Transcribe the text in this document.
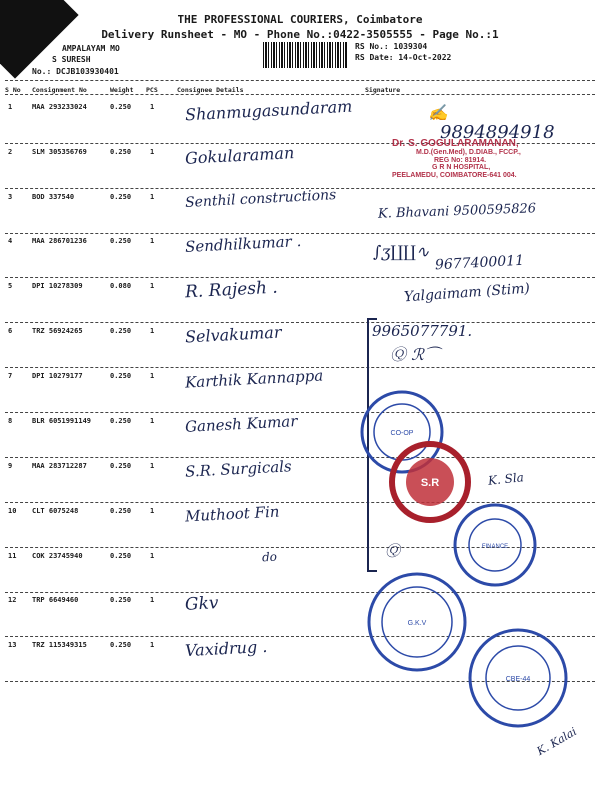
THE PROFESSIONAL COURIERS, Coimbatore
Delivery Runsheet - MO - Phone No.:0422-3505555 - Page No.:1
AMPALAYAM MO
S SURESH
No.: DCJB103930401
RS No.: 1039304
RS Date: 14-Oct-2022
S No Consignment No	Weight PCS	Consignee Details	Signature
1	MAA 293233024	0.250	1 Shanmugasundaram
2	SLM 305356769	0.250	1 Gokularaman
3	BOD 337540	0.250	1 Senthil constructions
4	MAA 286701236	0.250	1 Sendhilkumar .
5	DPI 10278309	0.080	1 R. Rajesh .
6	TRZ 56924265	0.250	1 Selvakumar
7	DPI 10279177	0.250	1 Karthik Kannappa
8	BLR 6051991149	0.250	1 Ganesh Kumar
9	MAA 283712287	0.250	1 S.R. Surgicals
10 CLT 6075248	0.250	1 Muthoot Fin
11 COK 23745940	0.250	1	do
12 TRP 6649460	0.250	1 Gkv
13 TRZ 115349315	0.250	1 Vaxidrug .
✍
9894894918
Dr. S. GOGULARAMANAN,
M.D.(Gen.Med), D.DIAB., FCCP.,
REG No: 81914.
G R N HOSPITAL,
PEELAMEDU, COIMBATORE-641 004.
K. Bhavani 9500595826
∫ʒ∐∐∿
9677400011
Yalgaimam (Stim)
9965077791.
Ⓠ ℛ⌒
K. Sla
Ⓠ
K. Kalai
CO-OP
S.R
FINANCE
G.K.V
CBE-44
